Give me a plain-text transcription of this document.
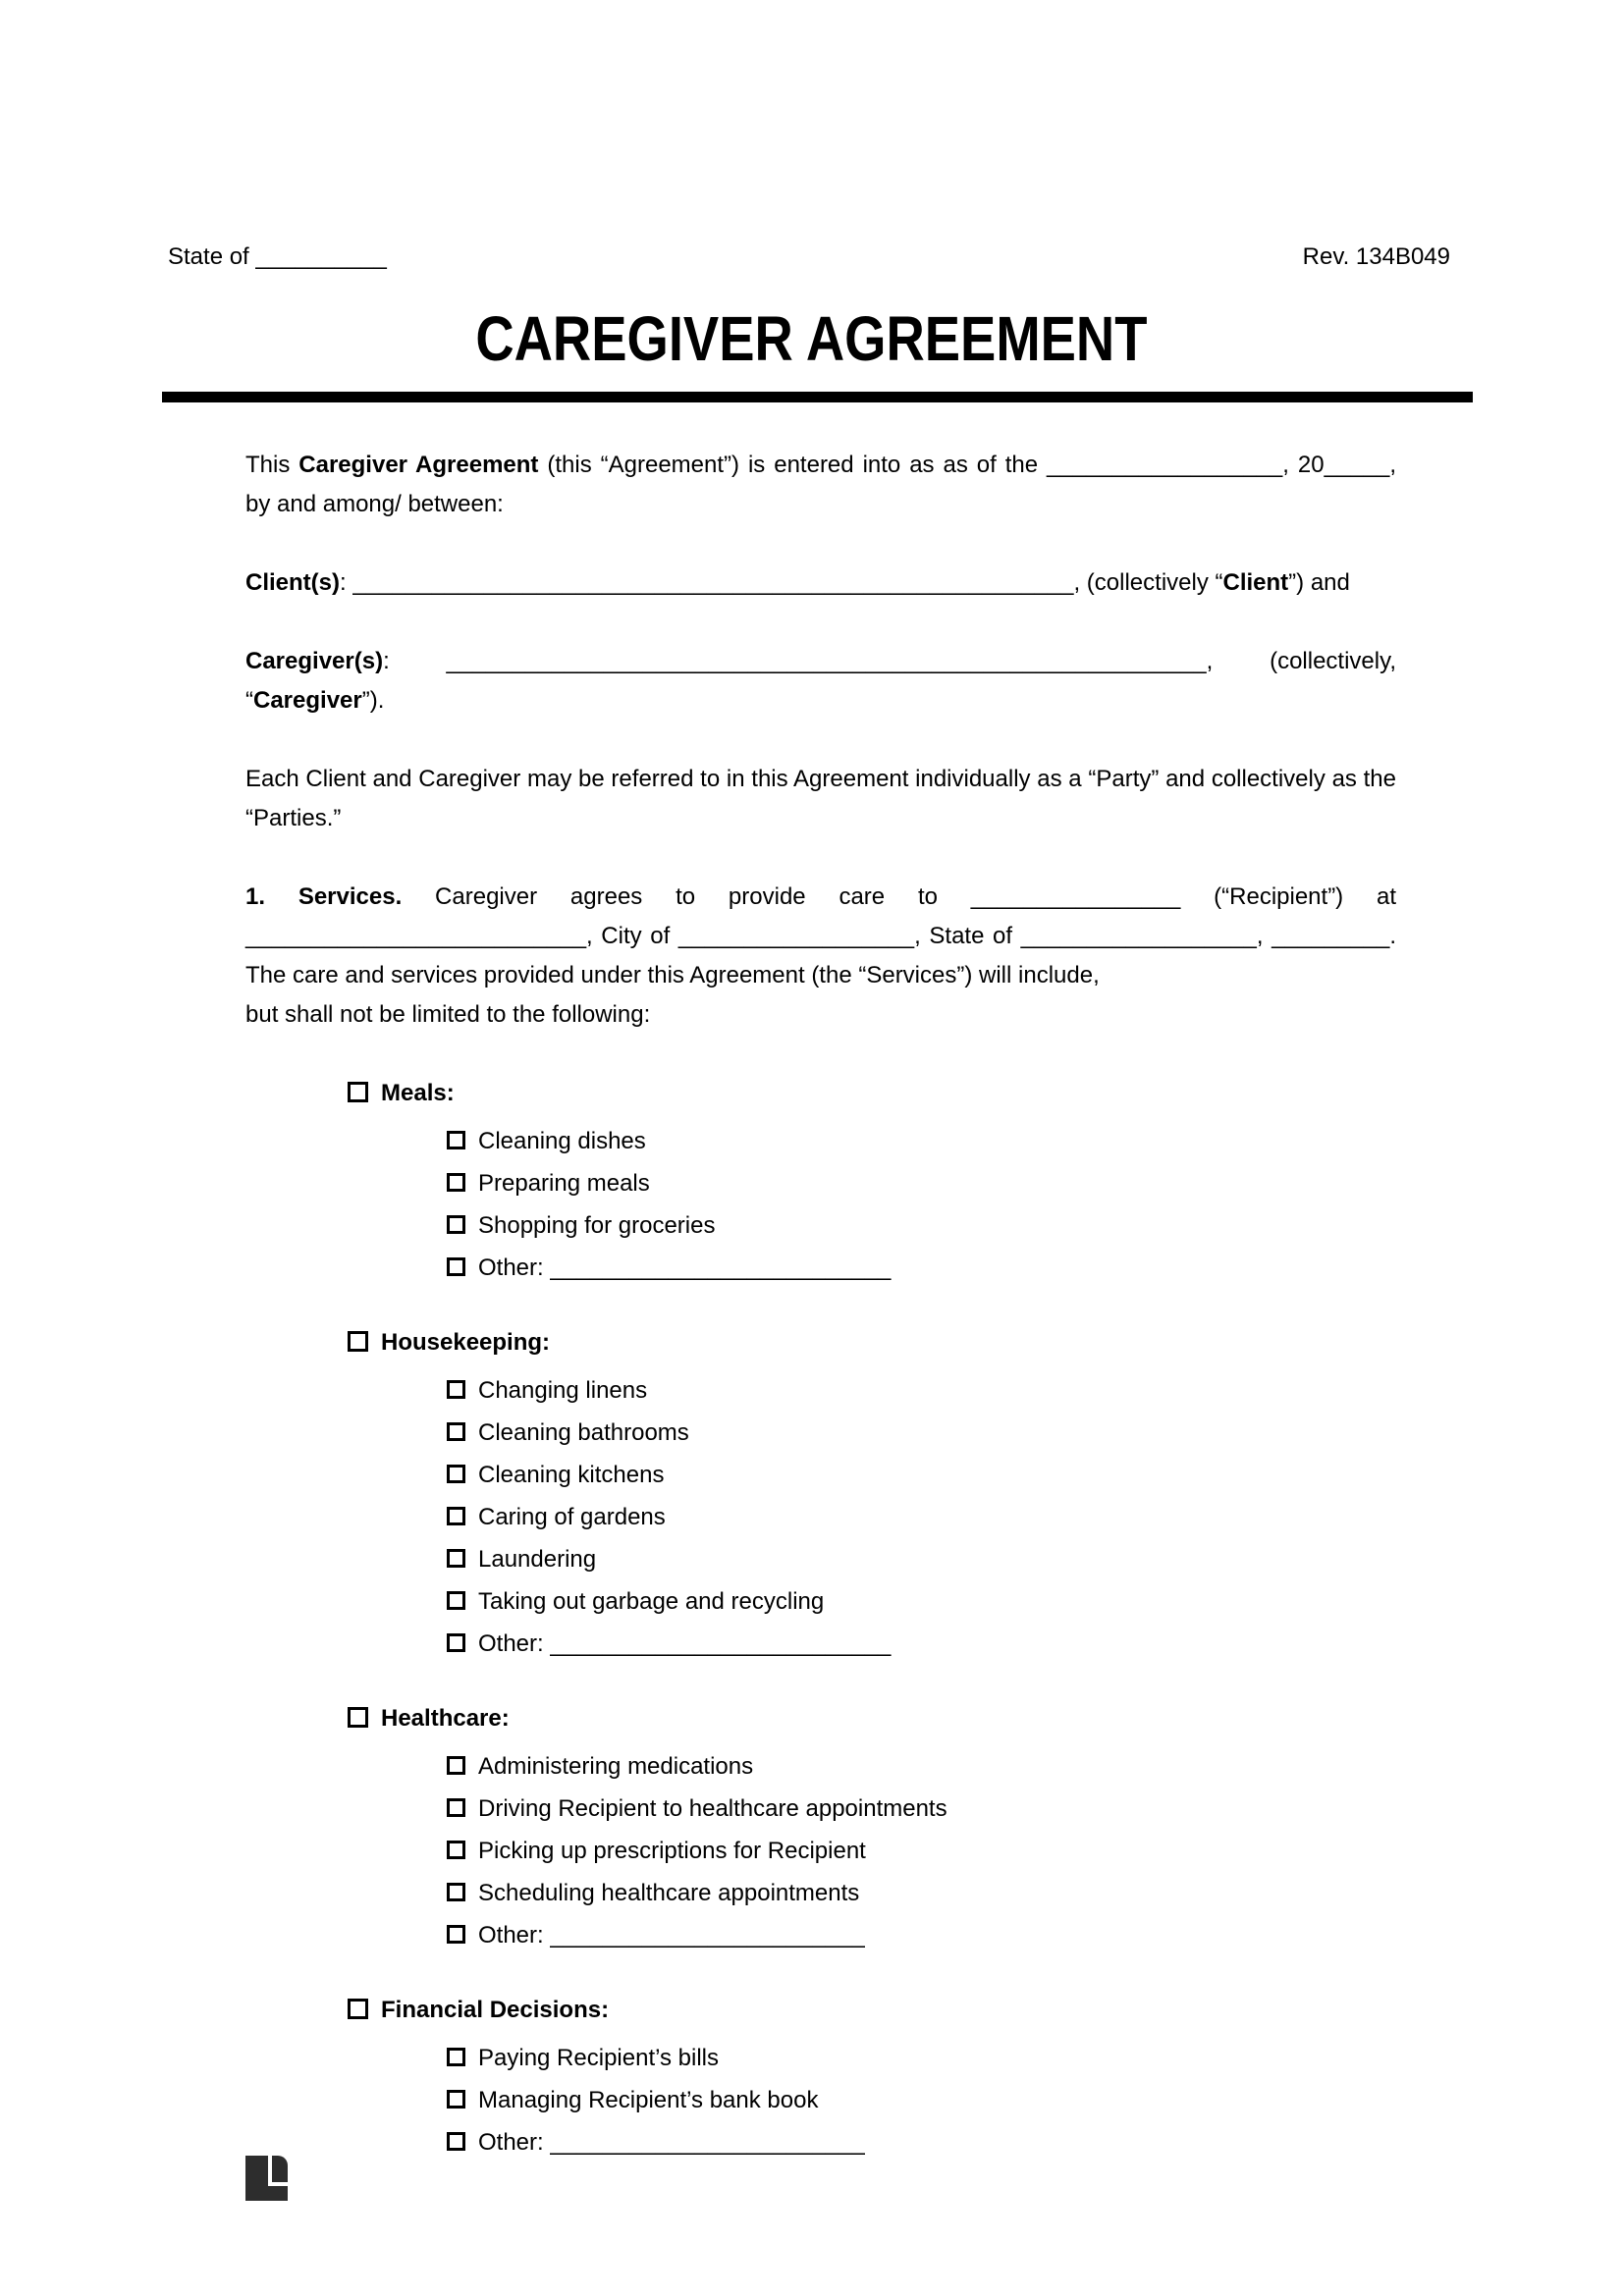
State of __________	Rev. 134B049
CAREGIVER AGREEMENT

This Caregiver Agreement (this “Agreement”) is entered into as as of the __________________, 20_____, by and among/ between:

Client(s): _______________________________________________________, (collectively “Client”) and

Caregiver(s): __________________________________________________________, (collectively, “Caregiver”).

Each Client and Caregiver may be referred to in this Agreement individually as a “Party” and collectively as the “Parties.”

1. Services. Caregiver agrees to provide care to ________________ (“Recipient”) at __________________________, City of __________________, State of __________________, _________. The care and services provided under this Agreement (the “Services”) will include,
but shall not be limited to the following:

Meals:
Cleaning dishes
Preparing meals
Shopping for groceries
Other: __________________________
Housekeeping:
Changing linens
Cleaning bathrooms
Cleaning kitchens
Caring of gardens
Laundering
Taking out garbage and recycling
Other: __________________________
Healthcare:
Administering medications
Driving Recipient to healthcare appointments
Picking up prescriptions for Recipient
Scheduling healthcare appointments
Other: ________________________
Financial Decisions:
Paying Recipient’s bills
Managing Recipient’s bank book
Other: ________________________
